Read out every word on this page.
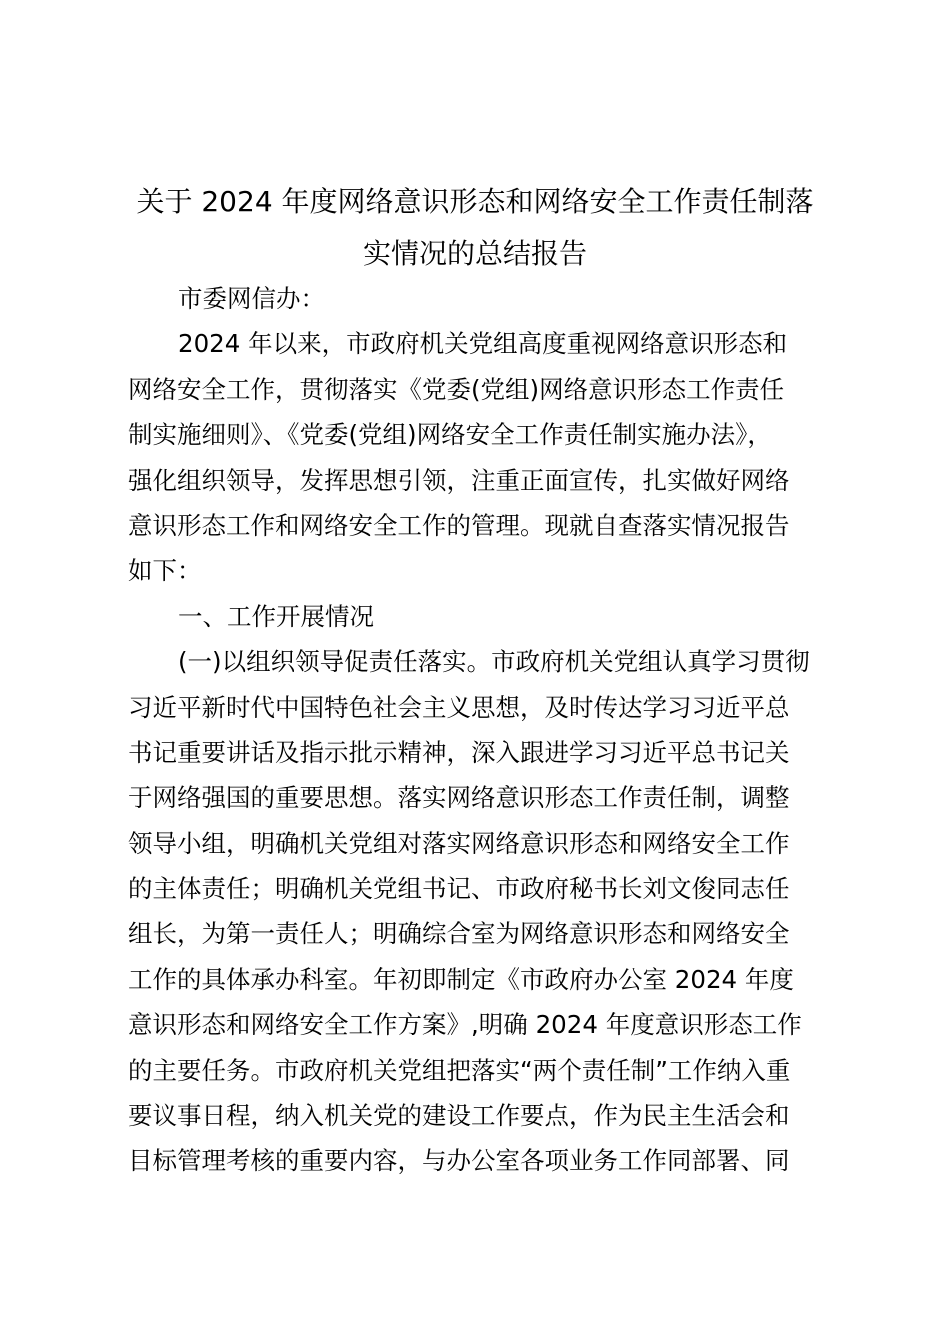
关于 2024 年度网络意识形态和网络安全工作责任制落
实情况的总结报告
市委网信办：
2024 年以来，市政府机关党组高度重视网络意识形态和
网络安全工作，贯彻落实《党委(党组)网络意识形态工作责任
制实施细则》、《党委(党组)网络安全工作责任制实施办法》，
强化组织领导，发挥思想引领，注重正面宣传，扎实做好网络
意识形态工作和网络安全工作的管理。现就自查落实情况报告
如下：
一、工作开展情况
(一)以组织领导促责任落实。市政府机关党组认真学习贯彻
习近平新时代中国特色社会主义思想，及时传达学习习近平总
书记重要讲话及指示批示精神，深入跟进学习习近平总书记关
于网络强国的重要思想。落实网络意识形态工作责任制，调整
领导小组，明确机关党组对落实网络意识形态和网络安全工作
的主体责任；明确机关党组书记、市政府秘书长刘文俊同志任
组长，为第一责任人；明确综合室为网络意识形态和网络安全
工作的具体承办科室。年初即制定《市政府办公室 2024 年度
意识形态和网络安全工作方案》,明确 2024 年度意识形态工作
的主要任务。市政府机关党组把落实“两个责任制”工作纳入重
要议事日程，纳入机关党的建设工作要点，作为民主生活会和
目标管理考核的重要内容，与办公室各项业务工作同部署、同
